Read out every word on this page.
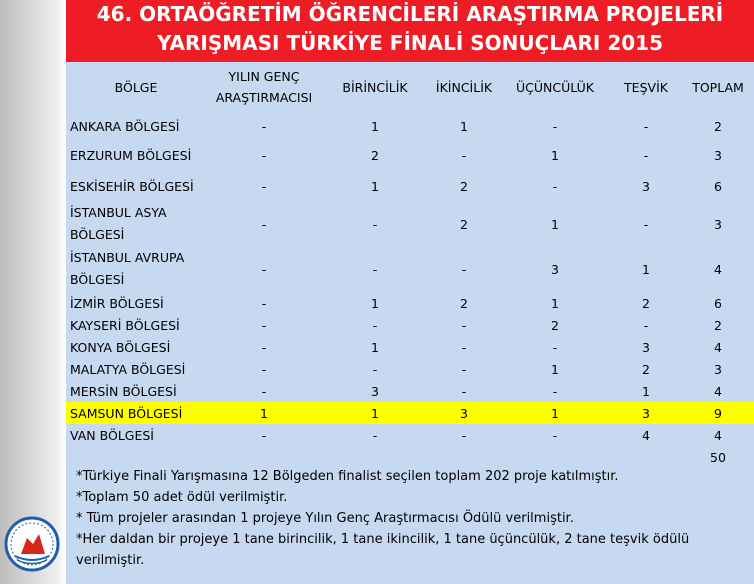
46. ORTAÖĞRETİM ÖĞRENCİLERİ ARAŞTIRMA PROJELERİ
YARIŞMASI TÜRKİYE FİNALİ SONUÇLARI 2015
BÖLGE	YILIN GENÇ ARAŞTIRMACISI	BİRİNCİLİK	İKİNCİLİK	ÜÇÜNCÜLÜK	TEŞVİK	TOPLAM
ANKARA BÖLGESİ	-	1	1	-	-	2
ERZURUM BÖLGESİ	-	2	-	1	-	3
ESKİSEHİR BÖLGESİ	-	1	2	-	3	6
İSTANBUL ASYA BÖLGESİ	-	-	2	1	-	3
İSTANBUL AVRUPA BÖLGESİ	-	-	-	3	1	4
İZMİR BÖLGESİ	-	1	2	1	2	6
KAYSERİ BÖLGESİ	-	-	-	2	-	2
KONYA BÖLGESİ	-	1	-	-	3	4
MALATYA BÖLGESİ	-	-	-	1	2	3
MERSİN BÖLGESİ	-	3	-	-	1	4
SAMSUN BÖLGESİ	1	1	3	1	3	9
VAN BÖLGESİ	-	-	-	-	4	4
						50
*Türkiye Finali Yarışmasına 12 Bölgeden finalist seçilen toplam 202 proje katılmıştır.
*Toplam 50 adet ödül verilmiştir.
* Tüm projeler arasından 1 projeye Yılın Genç Araştırmacısı Ödülü verilmiştir.
*Her daldan bir projeye 1 tane birincilik, 1 tane ikincilik, 1 tane üçüncülük, 2 tane teşvik ödülü verilmiştir.
